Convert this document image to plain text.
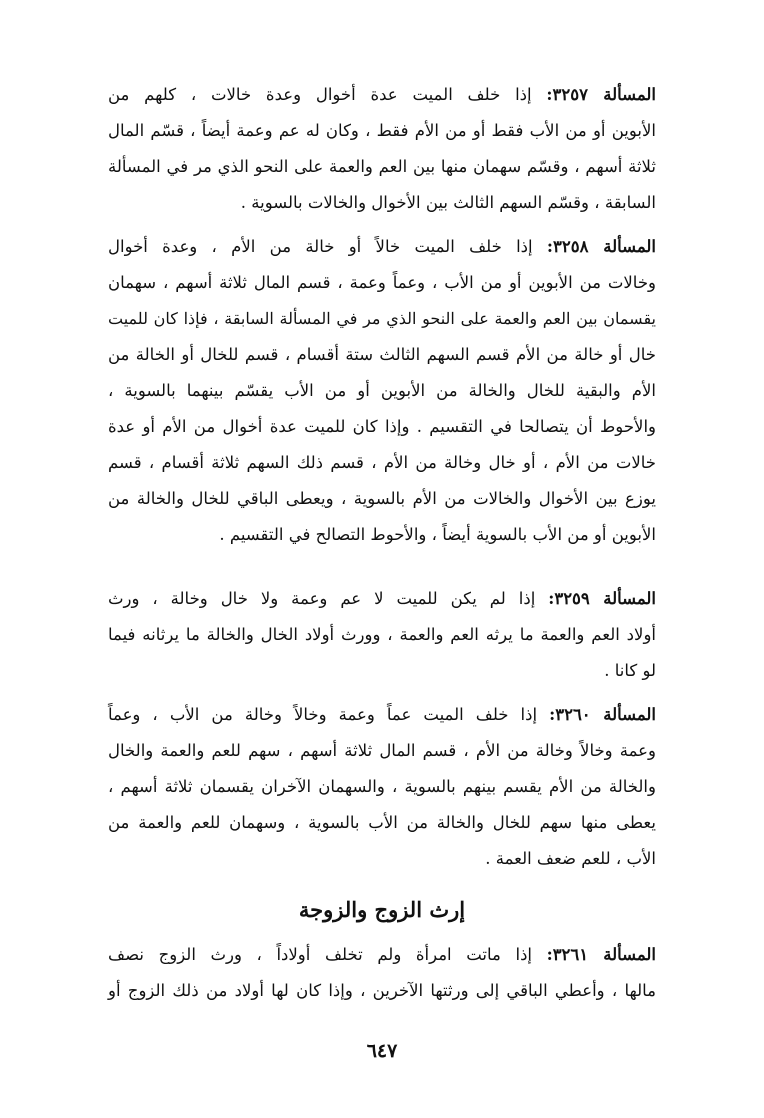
المسألة ٣٢٥٧: إذا خلف الميت عدة أخوال وعدة خالات ، كلهم من
الأبوين أو من الأب فقط أو من الأم فقط ، وكان له عم وعمة أيضاً ، قسّم المال
ثلاثة أسهم ، وقسّم سهمان منها بين العم والعمة على النحو الذي مر في المسألة
السابقة ، وقسّم السهم الثالث بين الأخوال والخالات بالسوية .
المسألة ٣٢٥٨: إذا خلف الميت خالاً أو خالة من الأم ، وعدة أخوال
وخالات من الأبوين أو من الأب ، وعماً وعمة ، قسم المال ثلاثة أسهم ، سهمان
يقسمان بين العم والعمة على النحو الذي مر في المسألة السابقة ، فإذا كان للميت
خال أو خالة من الأم قسم السهم الثالث ستة أقسام ، قسم للخال أو الخالة من
الأم والبقية للخال والخالة من الأبوين أو من الأب يقسّم بينهما بالسوية ،
والأحوط أن يتصالحا في التقسيم . وإذا كان للميت عدة أخوال من الأم أو عدة
خالات من الأم ، أو خال وخالة من الأم ، قسم ذلك السهم ثلاثة أقسام ، قسم
يوزع بين الأخوال والخالات من الأم بالسوية ، ويعطى الباقي للخال والخالة من
الأبوين أو من الأب بالسوية أيضاً ، والأحوط التصالح في التقسيم .
المسألة ٣٢٥٩: إذا لم يكن للميت لا عم وعمة ولا خال وخالة ، ورث
أولاد العم والعمة ما يرثه العم والعمة ، وورث أولاد الخال والخالة ما يرثانه فيما
لو كانا .
المسألة ٣٢٦٠: إذا خلف الميت عماً وعمة وخالاً وخالة من الأب ، وعماً
وعمة وخالاً وخالة من الأم ، قسم المال ثلاثة أسهم ، سهم للعم والعمة والخال
والخالة من الأم يقسم بينهم بالسوية ، والسهمان الآخران يقسمان ثلاثة أسهم ،
يعطى منها سهم للخال والخالة من الأب بالسوية ، وسهمان للعم والعمة من
الأب ، للعم ضعف العمة .
إرث الزوج والزوجة
المسألة ٣٢٦١: إذا ماتت امرأة ولم تخلف أولاداً ، ورث الزوج نصف
مالها ، وأعطي الباقي إلى ورثتها الآخرين ، وإذا كان لها أولاد من ذلك الزوج أو
٦٤٧
